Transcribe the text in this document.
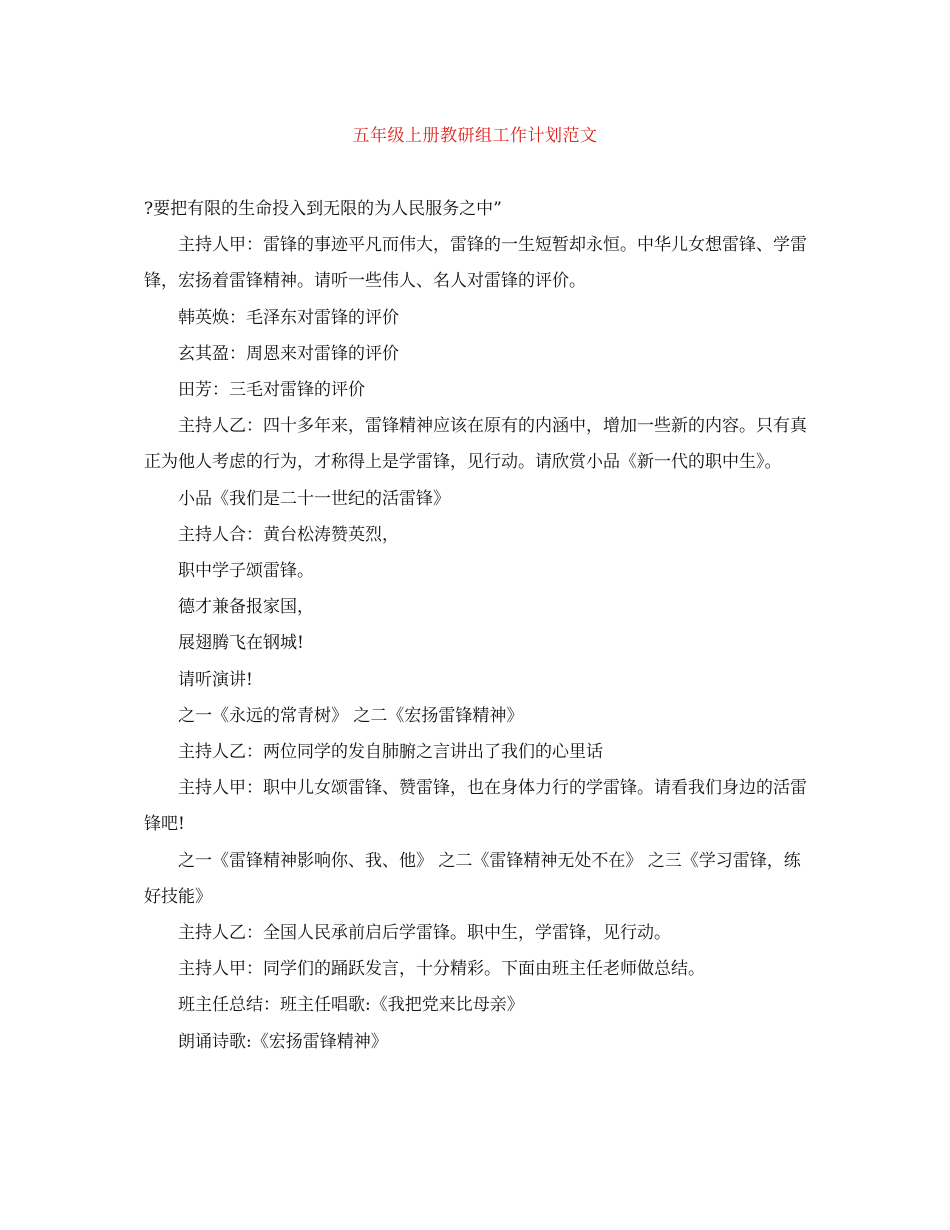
五年级上册教研组工作计划范文

?要把有限的生命投入到无限的为人民服务之中”

主持人甲：雷锋的事迹平凡而伟大，雷锋的一生短暂却永恒。中华儿女想雷锋、学雷锋，宏扬着雷锋精神。请听一些伟人、名人对雷锋的评价。

韩英焕：毛泽东对雷锋的评价

玄其盈：周恩来对雷锋的评价

田芳：三毛对雷锋的评价

主持人乙：四十多年来，雷锋精神应该在原有的内涵中，增加一些新的内容。只有真正为他人考虑的行为，才称得上是学雷锋，见行动。请欣赏小品《新一代的职中生》。

小品《我们是二十一世纪的活雷锋》

主持人合：黄台松涛赞英烈，

职中学子颂雷锋。

德才兼备报家国，

展翅腾飞在钢城!

请听演讲!

之一《永远的常青树》 之二《宏扬雷锋精神》

主持人乙：两位同学的发自肺腑之言讲出了我们的心里话

主持人甲：职中儿女颂雷锋、赞雷锋，也在身体力行的学雷锋。请看我们身边的活雷锋吧!

之一《雷锋精神影响你、我、他》 之二《雷锋精神无处不在》 之三《学习雷锋，练好技能》

主持人乙：全国人民承前启后学雷锋。职中生，学雷锋，见行动。

主持人甲：同学们的踊跃发言，十分精彩。下面由班主任老师做总结。

班主任总结：班主任唱歌:《我把党来比母亲》

朗诵诗歌:《宏扬雷锋精神》
